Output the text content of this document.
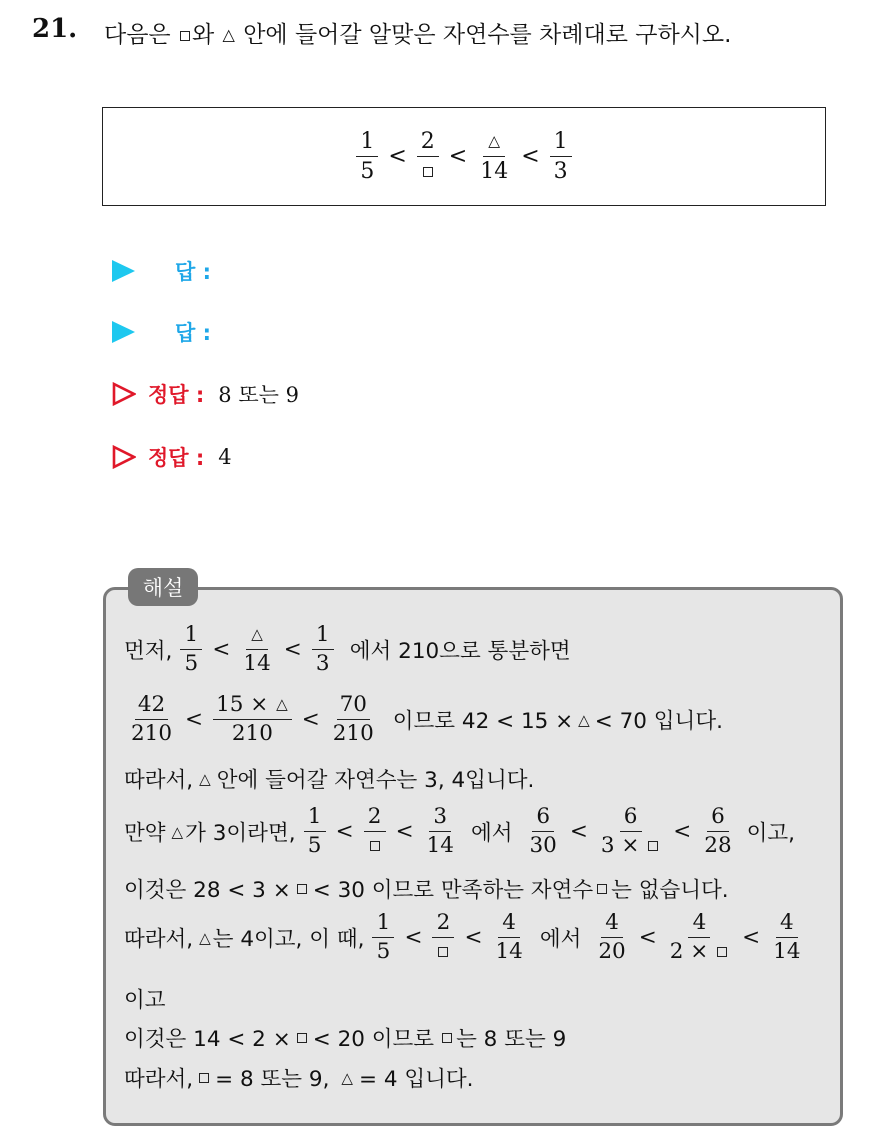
21. 다음은 와 △ 안에 들어갈 알맞은 자연수를 차례대로 구하시오.
$\frac{1}{5}$ <
2
< $\frac{\triangle}{14} < \frac{1}{3}$
답 :
답 :
정답 : 8 또는 9
정답 : 4
해설
먼저, $\frac{1}{5} < \frac{\triangle}{14} < \frac{1}{3}$ 에서 210으로 통분하면
$\frac{42}{210} < \frac{15 \times \triangle}{210} < \frac{70}{210}$ 이므로 42 < 15 × △ < 70 입니다.
따라서, △ 안에 들어갈 자연수는 3, 4입니다.
만약 △ 가 3이라면, $\frac{1}{5}$ <
2
< $\frac{3}{14}$ 에서 $\frac{6}{30} < \frac{6}{3 \times} < \frac{6}{28}$ 이고,
이것은 28 < 3 × < 30 이므로 만족하는 자연수 는 없습니다.
따라서, △ 는 4이고, 이 때, $\frac{1}{5}$ <
2
< $\frac{4}{14}$ 에서 $\frac{4}{20} < \frac{4}{2 \times} < \frac{4}{14}$
이고
이것은 14 < 2 × < 20 이므로 는 8 또는 9
따라서, = 8 또는 9, △ = 4 입니다.
